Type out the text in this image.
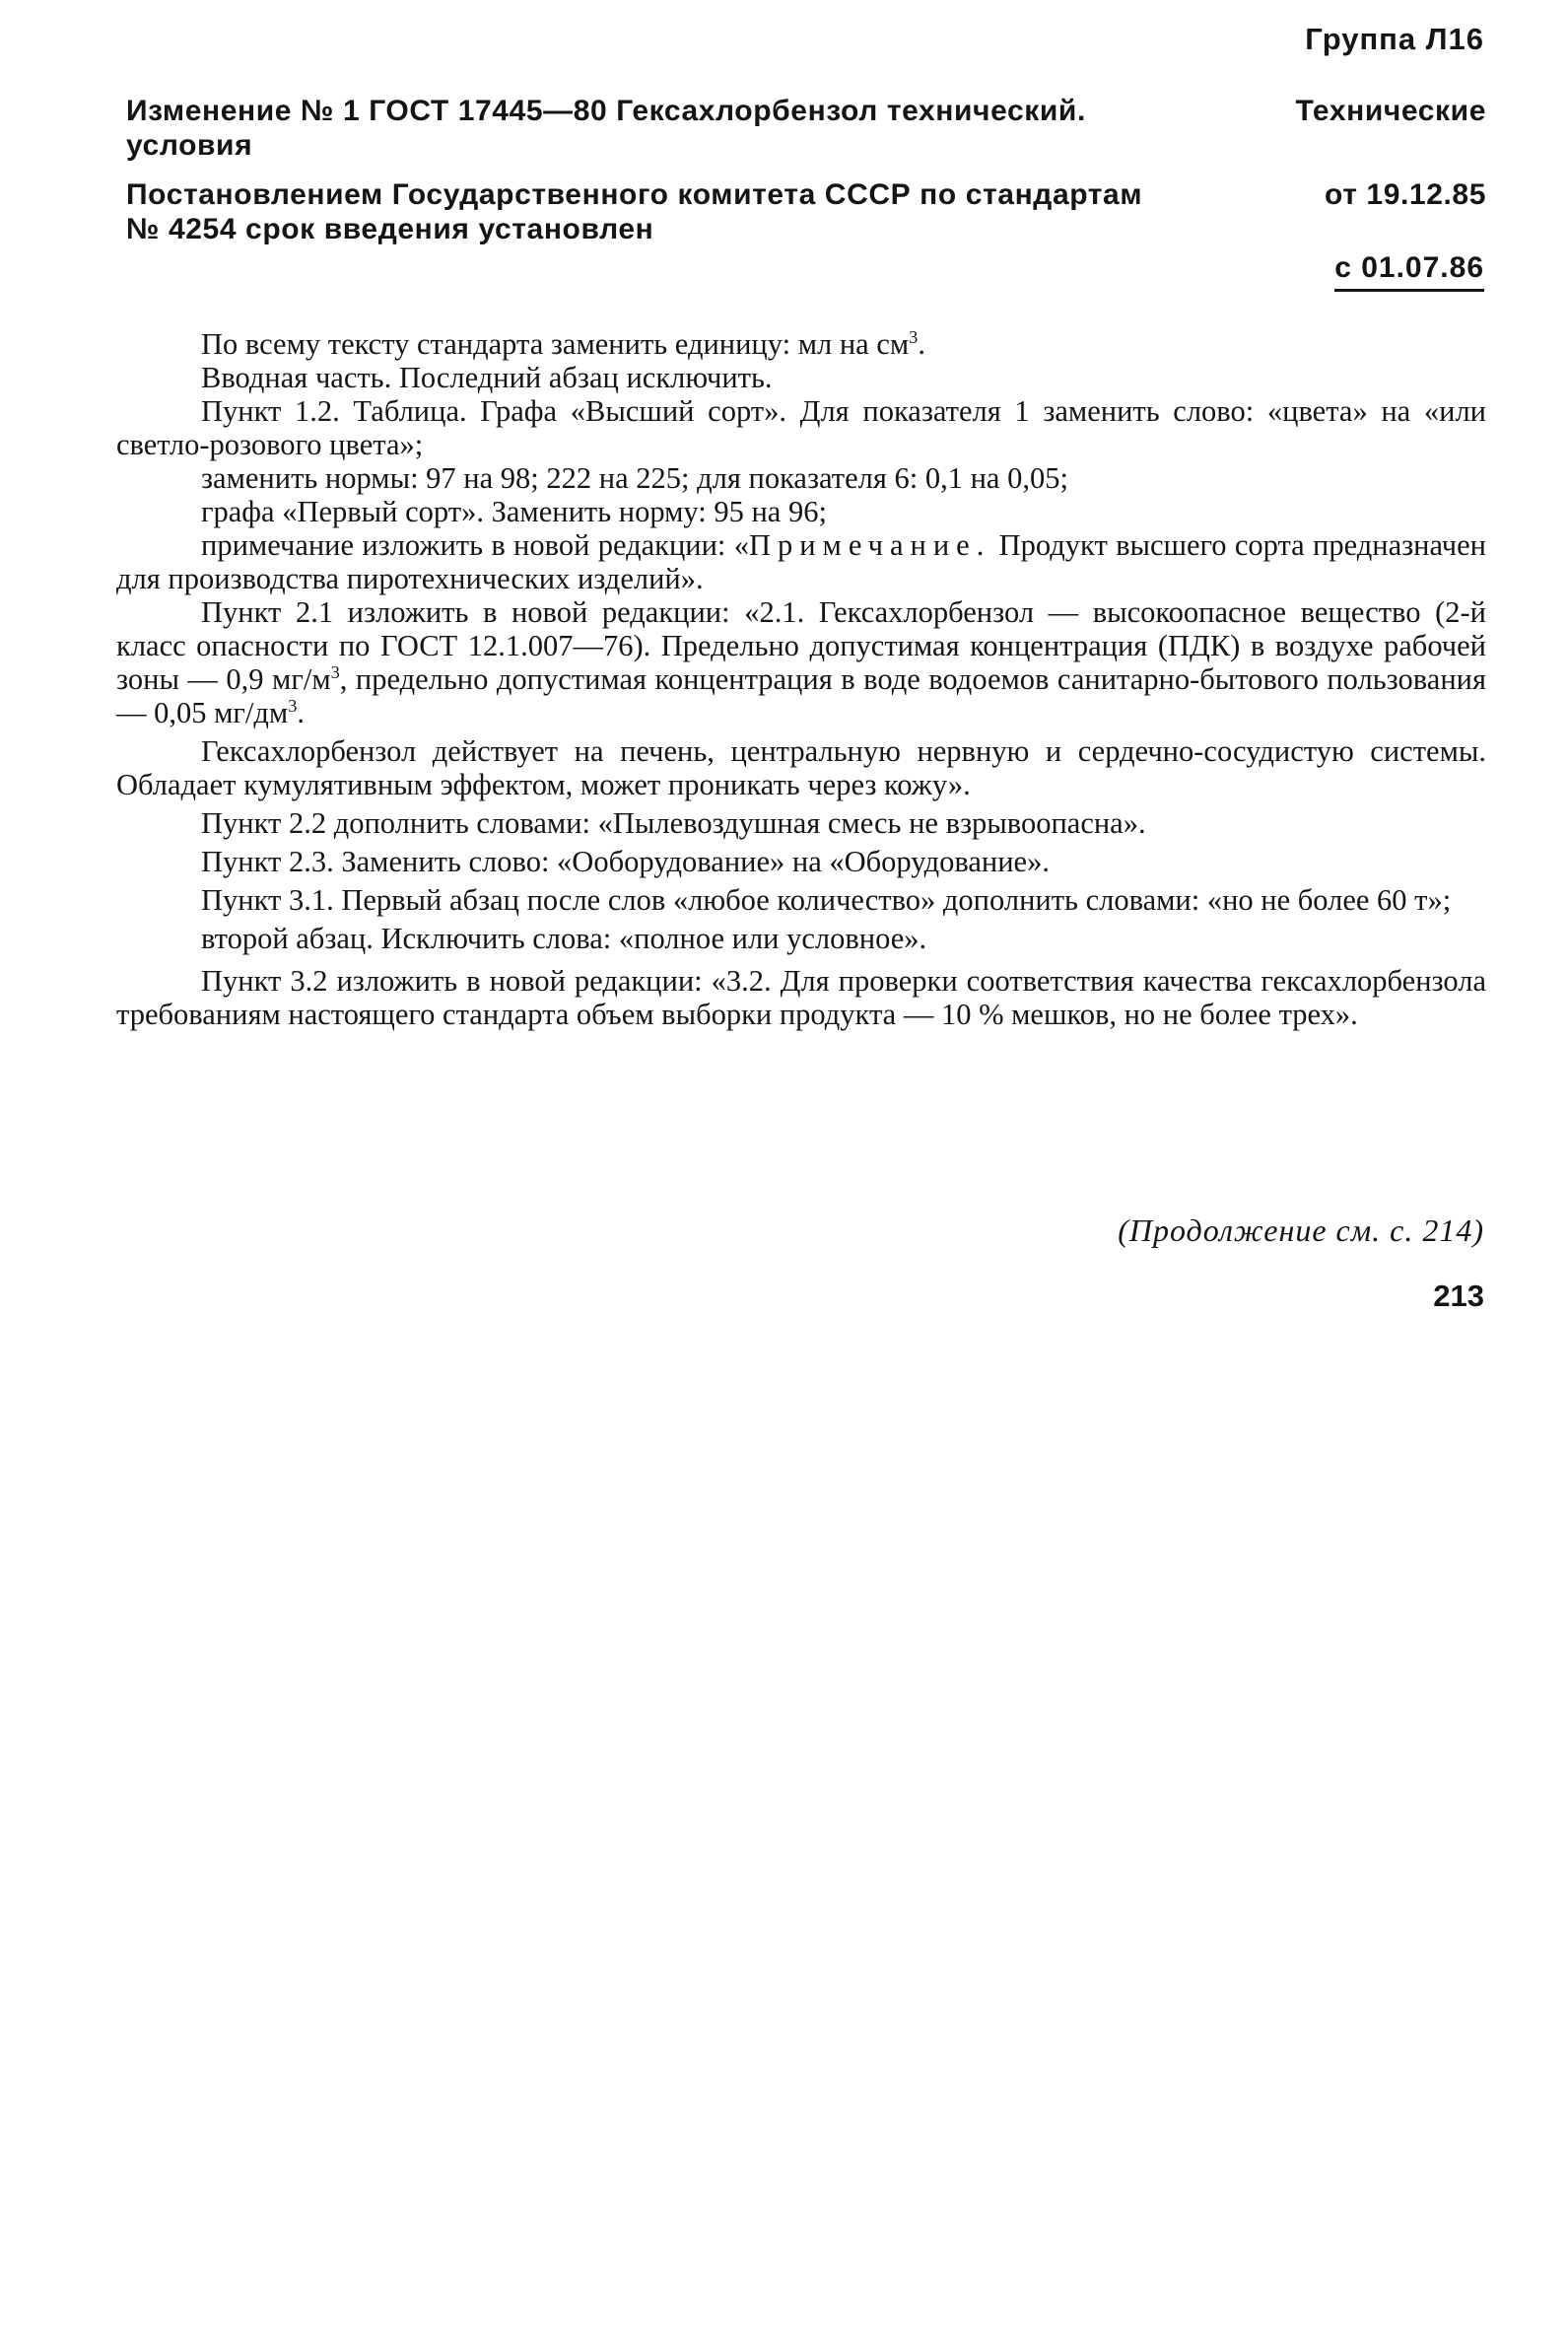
Группа Л16
Изменение № 1 ГОСТ 17445—80 Гексахлорбензол технический.	Технические

условия
Постановлением Государственного комитета СССР по стандартам	от 19.12.85

№ 4254 срок введения установлен
с 01.07.86

По всему тексту стандарта заменить единицу: мл на $см^3$.

Вводная часть. Последний абзац исключить.

Пункт 1.2. Таблица. Графа «Высший сорт». Для показателя 1 заменить слово: «цвета» на «или светло-розового цвета»;

заменить нормы: 97 на 98; 222 на 225; для показателя 6: 0,1 на 0,05;

графа «Первый сорт». Заменить норму: 95 на 96;

примечание изложить в новой редакции: «Примечание. Продукт высшего сорта предназначен для производства пиротехнических изделий».

Пункт 2.1 изложить в новой редакции: «2.1. Гексахлорбензол — высокоопасное вещество (2-й класс опасности по ГОСТ 12.1.007—76). Предельно допустимая концентрация (ПДК) в воздухе рабочей зоны — 0,9 $мг/м^3$, предельно допустимая концентрация в воде водоемов санитарно-бытового пользования — 0,05 $мг/дм^3$.

Гексахлорбензол действует на печень, центральную нервную и сердечно-сосудистую системы. Обладает кумулятивным эффектом, может проникать через кожу».

Пункт 2.2 дополнить словами: «Пылевоздушная смесь не взрывоопасна».

Пункт 2.3. Заменить слово: «Ооборудование» на «Оборудование».

Пункт 3.1. Первый абзац после слов «любое количество» дополнить словами: «но не более 60 т»;

второй абзац. Исключить слова: «полное или условное».

Пункт 3.2 изложить в новой редакции: «3.2. Для проверки соответствия качества гексахлорбензола требованиям настоящего стандарта объем выборки продукта — 10 % мешков, но не более трех».

(Продолжение см. с. 214)
213
